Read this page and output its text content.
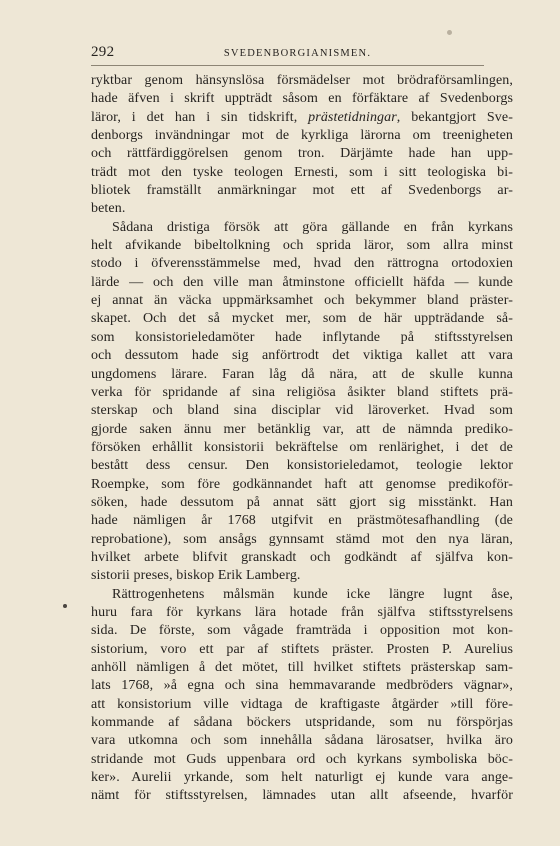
292	SVEDENBORGIANISMEN.
ryktbar genom hänsynslösa försmädelser mot brödraförsamlingen,
hade äfven i skrift uppträdt såsom en förfäktare af Svedenborgs
läror, i det han i sin tidskrift, prästetidningar, bekantgjort Sve-
denborgs invändningar mot de kyrkliga lärorna om treenigheten
och rättfärdiggörelsen genom tron. Därjämte hade han upp-
trädt mot den tyske teologen Ernesti, som i sitt teologiska bi-
bliotek framställt anmärkningar mot ett af Svedenborgs ar-
beten.
Sådana dristiga försök att göra gällande en från kyrkans
helt afvikande bibeltolkning och sprida läror, som allra minst
stodo i öfverensstämmelse med, hvad den rättrogna ortodoxien
lärde — och den ville man åtminstone officiellt häfda — kunde
ej annat än väcka uppmärksamhet och bekymmer bland präster-
skapet. Och det så mycket mer, som de här uppträdande så-
som konsistorieledamöter hade inflytande på stiftsstyrelsen
och dessutom hade sig anförtrodt det viktiga kallet att vara
ungdomens lärare. Faran låg då nära, att de skulle kunna
verka för spridande af sina religiösa åsikter bland stiftets prä-
sterskap och bland sina disciplar vid läroverket. Hvad som
gjorde saken ännu mer betänklig var, att de nämnda prediko-
försöken erhållit konsistorii bekräftelse om renlärighet, i det de
bestått dess censur. Den konsistorieledamot, teologie lektor
Roempke, som före godkännandet haft att genomse predikoför-
söken, hade dessutom på annat sätt gjort sig misstänkt. Han
hade nämligen år 1768 utgifvit en prästmötesafhandling (de
reprobatione), som ansågs gynnsamt stämd mot den nya läran,
hvilket arbete blifvit granskadt och godkändt af själfva kon-
sistorii preses, biskop Erik Lamberg.
Rättrogenhetens målsmän kunde icke längre lugnt åse,
huru fara för kyrkans lära hotade från själfva stiftsstyrelsens
sida. De förste, som vågade framträda i opposition mot kon-
sistorium, voro ett par af stiftets präster. Prosten P. Aurelius
anhöll nämligen å det mötet, till hvilket stiftets prästerskap sam-
lats 1768, »å egna och sina hemmavarande medbröders vägnar»,
att konsistorium ville vidtaga de kraftigaste åtgärder »till före-
kommande af sådana böckers utspridande, som nu förspörjas
vara utkomna och som innehålla sådana lärosatser, hvilka äro
stridande mot Guds uppenbara ord och kyrkans symboliska böc-
ker». Aurelii yrkande, som helt naturligt ej kunde vara ange-
nämt för stiftsstyrelsen, lämnades utan allt afseende, hvarför
